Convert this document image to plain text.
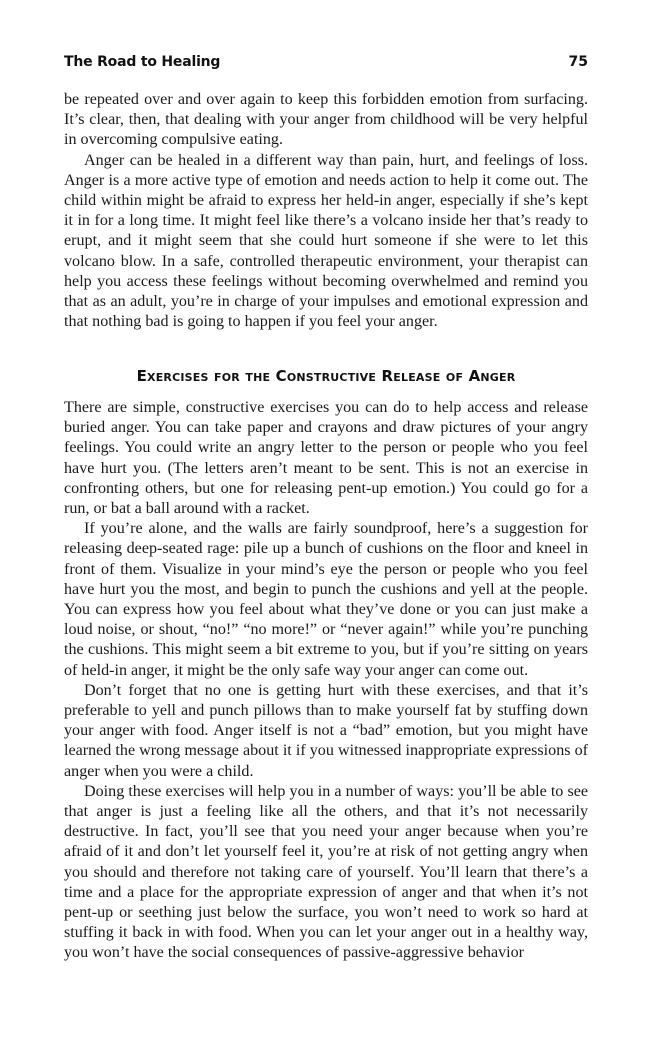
The Road to Healing	75

be repeated over and over again to keep this forbidden emotion from surfacing. It’s clear, then, that dealing with your anger from childhood will be very helpful in overcoming compulsive eating.

Anger can be healed in a different way than pain, hurt, and feelings of loss. Anger is a more active type of emotion and needs action to help it come out. The child within might be afraid to express her held-in anger, especially if she’s kept it in for a long time. It might feel like there’s a volcano inside her that’s ready to erupt, and it might seem that she could hurt someone if she were to let this volcano blow. In a safe, controlled therapeutic environment, your therapist can help you access these feelings without becoming overwhelmed and remind you that as an adult, you’re in charge of your impulses and emotional expression and that nothing bad is going to happen if you feel your anger.

Exercises for the Constructive Release of Anger

There are simple, constructive exercises you can do to help access and release buried anger. You can take paper and crayons and draw pictures of your angry feelings. You could write an angry letter to the person or people who you feel have hurt you. (The letters aren’t meant to be sent. This is not an exercise in confronting others, but one for releasing pent-up emotion.) You could go for a run, or bat a ball around with a racket.

If you’re alone, and the walls are fairly soundproof, here’s a suggestion for releasing deep-seated rage: pile up a bunch of cushions on the floor and kneel in front of them. Visualize in your mind’s eye the person or people who you feel have hurt you the most, and begin to punch the cushions and yell at the people. You can express how you feel about what they’ve done or you can just make a loud noise, or shout, “no!” “no more!” or “never again!” while you’re punching the cushions. This might seem a bit extreme to you, but if you’re sitting on years of held-in anger, it might be the only safe way your anger can come out.

Don’t forget that no one is getting hurt with these exercises, and that it’s preferable to yell and punch pillows than to make yourself fat by stuffing down your anger with food. Anger itself is not a “bad” emotion, but you might have learned the wrong message about it if you witnessed inappropriate expressions of anger when you were a child.

Doing these exercises will help you in a number of ways: you’ll be able to see that anger is just a feeling like all the others, and that it’s not necessarily destructive. In fact, you’ll see that you need your anger because when you’re afraid of it and don’t let yourself feel it, you’re at risk of not getting angry when you should and therefore not taking care of yourself. You’ll learn that there’s a time and a place for the appropriate expression of anger and that when it’s not pent-up or seething just below the surface, you won’t need to work so hard at stuffing it back in with food. When you can let your anger out in a healthy way, you won’t have the social consequences of passive-aggressive behavior
